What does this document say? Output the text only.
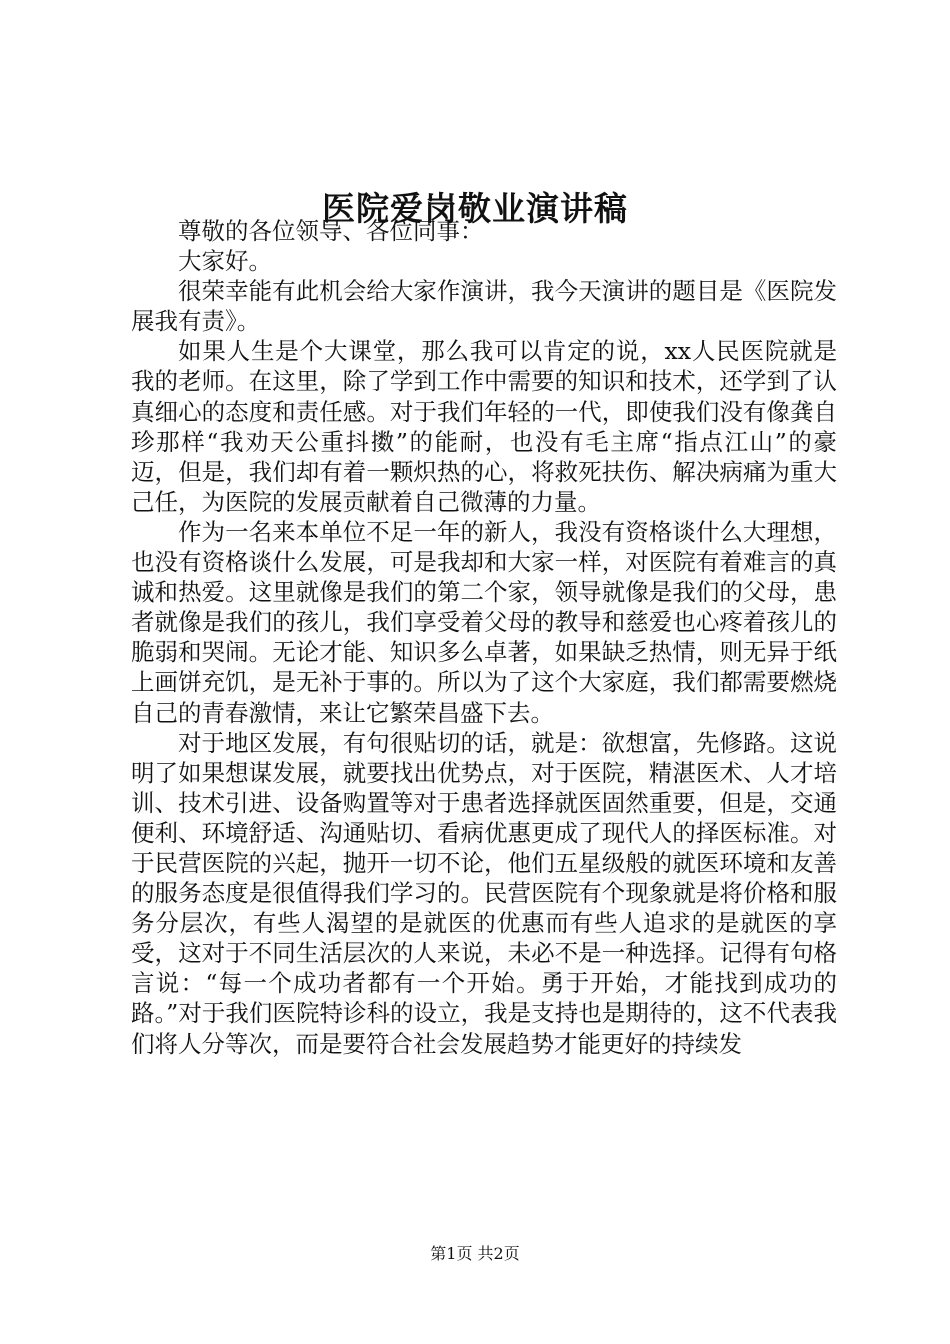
医院爱岗敬业演讲稿

尊敬的各位领导、各位同事：

大家好。

很荣幸能有此机会给大家作演讲，我今天演讲的题目是《医院发展我有责》。

如果人生是个大课堂，那么我可以肯定的说，xx人民医院就是我的老师。在这里，除了学到工作中需要的知识和技术，还学到了认真细心的态度和责任感。对于我们年轻的一代，即使我们没有像龚自珍那样“我劝天公重抖擞”的能耐，也没有毛主席“指点江山”的豪迈，但是，我们却有着一颗炽热的心，将救死扶伤、解决病痛为重大己任，为医院的发展贡献着自己微薄的力量。

作为一名来本单位不足一年的新人，我没有资格谈什么大理想，也没有资格谈什么发展，可是我却和大家一样，对医院有着难言的真诚和热爱。这里就像是我们的第二个家，领导就像是我们的父母，患者就像是我们的孩儿，我们享受着父母的教导和慈爱也心疼着孩儿的脆弱和哭闹。无论才能、知识多么卓著，如果缺乏热情，则无异于纸上画饼充饥，是无补于事的。所以为了这个大家庭，我们都需要燃烧自己的青春激情，来让它繁荣昌盛下去。

对于地区发展，有句很贴切的话，就是：欲想富，先修路。这说明了如果想谋发展，就要找出优势点，对于医院，精湛医术、人才培训、技术引进、设备购置等对于患者选择就医固然重要，但是，交通便利、环境舒适、沟通贴切、看病优惠更成了现代人的择医标准。对于民营医院的兴起，抛开一切不论，他们五星级般的就医环境和友善的服务态度是很值得我们学习的。民营医院有个现象就是将价格和服务分层次，有些人渴望的是就医的优惠而有些人追求的是就医的享受，这对于不同生活层次的人来说，未必不是一种选择。记得有句格言说：“每一个成功者都有一个开始。勇于开始，才能找到成功的路。”对于我们医院特诊科的设立，我是支持也是期待的，这不代表我们将人分等次，而是要符合社会发展趋势才能更好的持续发

第1页 共2页
